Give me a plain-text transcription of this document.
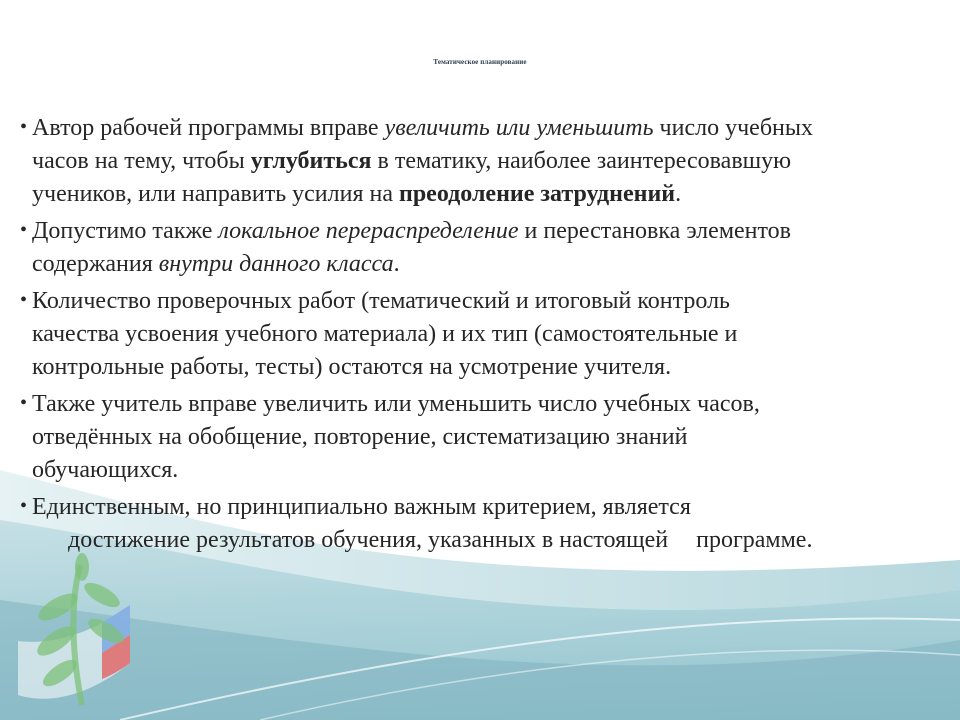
Тематическое планирование
• Автор рабочей программы вправе увеличить или уменьшить число учебных
часов на тему, чтобы углубиться в тематику, наиболее заинтересовавшую
учеников, или направить усилия на преодоление затруднений.
• Допустимо также локальное перераспределение и перестановка элементов
содержания внутри данного класса.
• Количество проверочных работ (тематический и итоговый контроль
качества усвоения учебного материала) и их тип (самостоятельные и
контрольные работы, тесты) остаются на усмотрение учителя.
• Также учитель вправе увеличить или уменьшить число учебных часов,
отведённых на обобщение, повторение, систематизацию знаний
обучающихся.
• Единственным, но принципиально важным критерием, является
достижение результатов обучения, указанных в настоящей программе.
